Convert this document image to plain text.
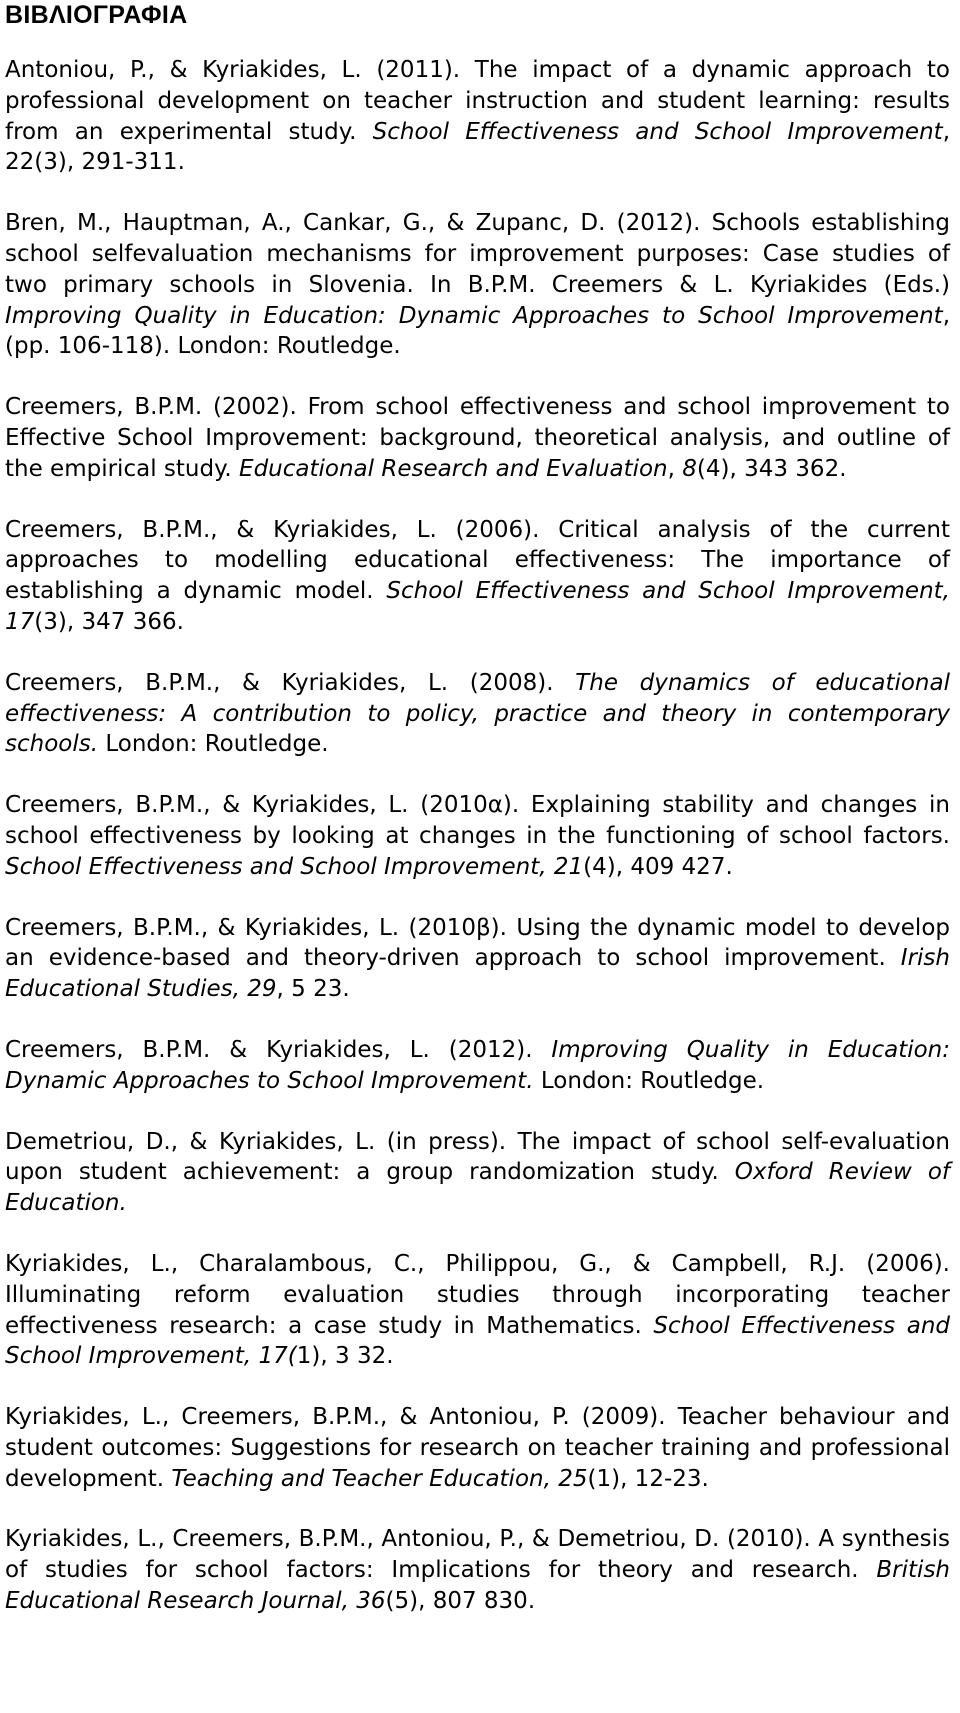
ΒΙΒΛΙΟΓΡΑΦΙΑ

Antoniou, P., & Kyriakides, L. (2011). The impact of a dynamic approach to professional development on teacher instruction and student learning: results from an experimental study. School Effectiveness and School Improvement, 22(3), 291-311.

Bren, M., Hauptman, A., Cankar, G., & Zupanc, D. (2012). Schools establishing school selfevaluation mechanisms for improvement purposes: Case studies of two primary schools in Slovenia. In B.P.M. Creemers & L. Kyriakides (Eds.) Improving Quality in Education: Dynamic Approaches to School Improvement, (pp. 106-118). London: Routledge.

Creemers, B.P.M. (2002). From school effectiveness and school improvement to Effective School Improvement: background, theoretical analysis, and outline of the empirical study. Educational Research and Evaluation, 8(4), 343 362.

Creemers, B.P.M., & Kyriakides, L. (2006). Critical analysis of the current approaches to modelling educational effectiveness: The importance of establishing a dynamic model. School Effectiveness and School Improvement, 17(3), 347 366.

Creemers, B.P.M., & Kyriakides, L. (2008). The dynamics of educational effectiveness: A contribution to policy, practice and theory in contemporary schools. London: Routledge.

Creemers, B.P.M., & Kyriakides, L. (2010α). Explaining stability and changes in school effectiveness by looking at changes in the functioning of school factors. School Effectiveness and School Improvement, 21(4), 409 427.

Creemers, B.P.M., & Kyriakides, L. (2010β). Using the dynamic model to develop an evidence-based and theory-driven approach to school improvement. Irish Educational Studies, 29, 5 23.

Creemers, B.P.M. & Kyriakides, L. (2012). Improving Quality in Education: Dynamic Approaches to School Improvement. London: Routledge.

Demetriou, D., & Kyriakides, L. (in press). The impact of school self-evaluation upon student achievement: a group randomization study. Oxford Review of Education.

Kyriakides, L., Charalambous, C., Philippou, G., & Campbell, R.J. (2006). Illuminating reform evaluation studies through incorporating teacher effectiveness research: a case study in Mathematics. School Effectiveness and School Improvement, 17(1), 3 32.

Kyriakides, L., Creemers, B.P.M., & Antoniou, P. (2009). Teacher behaviour and student outcomes: Suggestions for research on teacher training and professional development. Teaching and Teacher Education, 25(1), 12-23.

Kyriakides, L., Creemers, B.P.M., Antoniou, P., & Demetriou, D. (2010). A synthesis of studies for school factors: Implications for theory and research. British Educational Research Journal, 36(5), 807 830.
